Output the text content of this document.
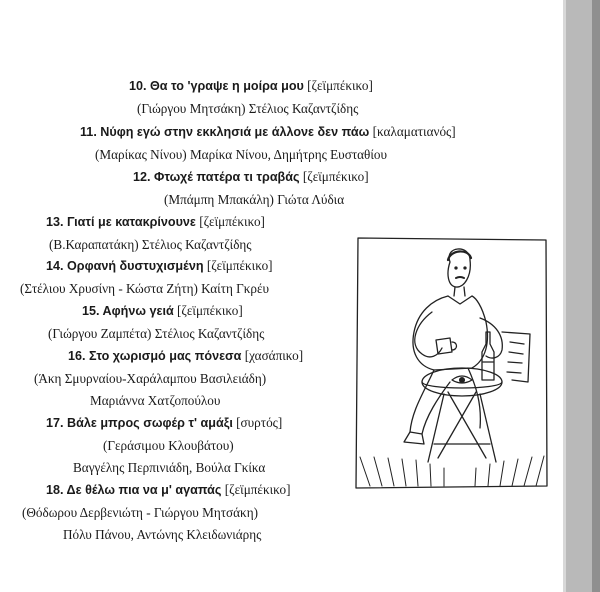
10. Θα το 'γραψε η μοίρα μου [ζεϊμπέκικο]
(Γιώργου Μητσάκη) Στέλιος Καζαντζίδης
11. Νύφη εγώ στην εκκλησιά με άλλονε δεν πάω [καλαματιανός]
(Μαρίκας Νίνου) Μαρίκα Νίνου, Δημήτρης Ευσταθίου
12. Φτωχέ πατέρα τι τραβάς [ζεϊμπέκικο]
(Μπάμπη Μπακάλη) Γιώτα Λύδια
13. Γιατί με κατακρίνουνε [ζεϊμπέκικο]
(Β.Καραπατάκη) Στέλιος Καζαντζίδης
14. Ορφανή δυστυχισμένη [ζεϊμπέκικο]
(Στέλιου Χρυσίνη - Κώστα Ζήτη) Καίτη Γκρέυ
15. Αφήνω γειά [ζεϊμπέκικο]
(Γιώργου Ζαμπέτα) Στέλιος Καζαντζίδης
16. Στο χωρισμό μας πόνεσα [χασάπικο]
(Άκη Σμυρναίου-Χαράλαμπου Βασιλειάδη)
Μαριάννα Χατζοπούλου
17. Βάλε μπρος σωφέρ τ' αμάξι [συρτός]
(Γεράσιμου Κλουβάτου)
Βαγγέλης Περπινιάδη, Βούλα Γκίκα
18. Δε θέλω πια να μ' αγαπάς [ζεϊμπέκικο]
(Θόδωρου Δερβενιώτη - Γιώργου Μητσάκη)
Πόλυ Πάνου, Αντώνης Κλειδωνιάρης
